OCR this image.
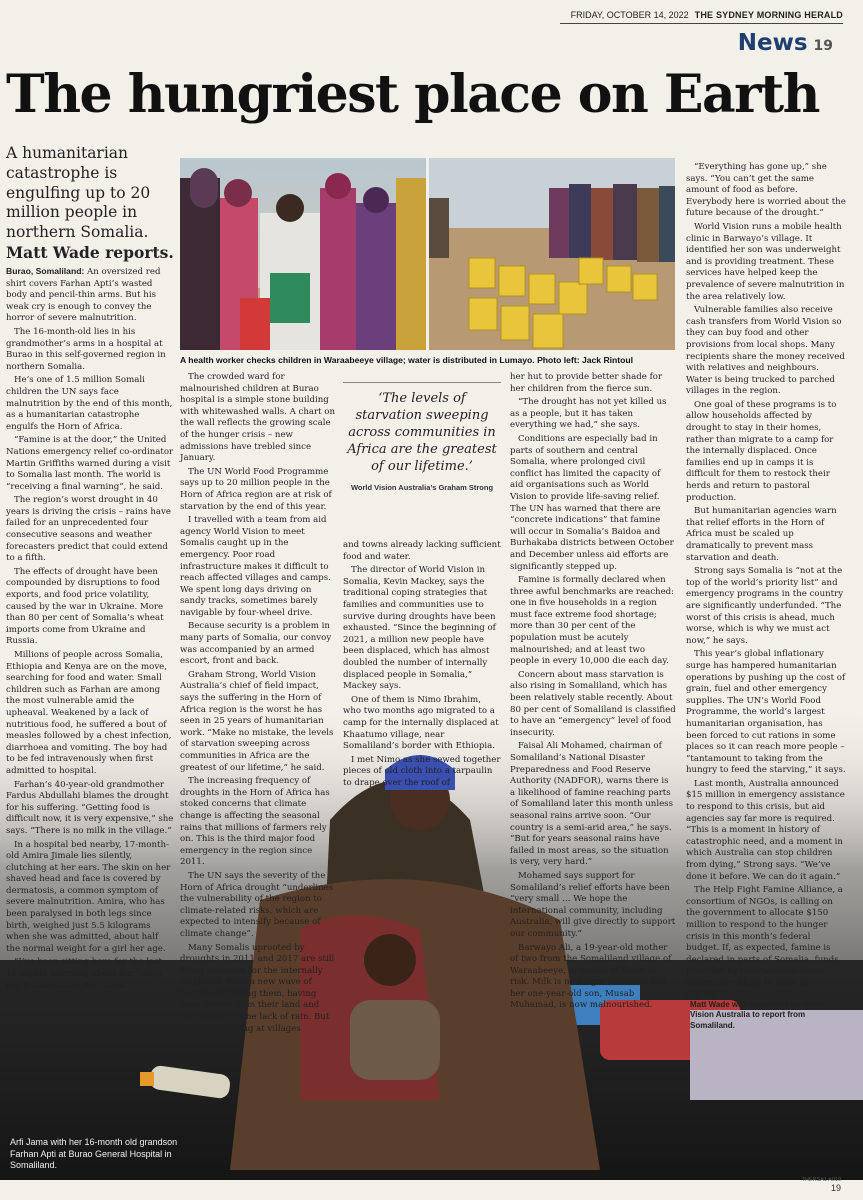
FRIDAY, OCTOBER 14, 2022 THE SYDNEY MORNING HERALD
News 19
The hungriest place on Earth
A humanitarian catastrophe is engulfing up to 20 million people in northern Somalia.
Matt Wade reports.
A health worker checks children in Waraabeeye village; water is distributed in Lumayo. Photo left: Jack Rintoul
Arfi Jama with her 16-month old grandson Farhan Apti at Burao General Hospital in Somaliland.

Burao, Somaliland: An oversized red shirt covers Farhan Apti’s wasted body and pencil-thin arms. But his weak cry is enough to convey the horror of severe malnutrition.

The 16-month-old lies in his grandmother’s arms in a hospital at Burao in this self-governed region in northern Somalia.

He’s one of 1.5 million Somali children the UN says face malnutrition by the end of this month, as a humanitarian catastrophe engulfs the Horn of Africa.

“Famine is at the door,” the United Nations emergency relief co-ordinator Martin Griffiths warned during a visit to Somalia last month. The world is “receiving a final warning”, he said.

The region’s worst drought in 40 years is driving the crisis – rains have failed for an unprecedented four consecutive seasons and weather forecasters predict that could extend to a fifth.

The effects of drought have been compounded by disruptions to food exports, and food price volatility, caused by the war in Ukraine. More than 80 per cent of Somalia’s wheat imports come from Ukraine and Russia.

Millions of people across Somalia, Ethiopia and Kenya are on the move, searching for food and water. Small children such as Farhan are among the most vulnerable amid the upheaval. Weakened by a lack of nutritious food, he suffered a bout of measles followed by a chest infection, diarrhoea and vomiting. The boy had to be fed intravenously when first admitted to hospital.

Farhan’s 40-year-old grandmother Fardus Abdullahi blames the drought for his suffering. “Getting food is difficult now, it is very expensive,” she says. “There is no milk in the village.”

In a hospital bed nearby, 17-month-old Amira Jimale lies silently, clutching at her ears. The skin on her shaved head and face is covered by dermatosis, a common symptom of severe malnutrition. Amira, who has been paralysed in both legs since birth, weighed just 5.5 kilograms when she was admitted, about half the normal weight for a girl her age.

“I’ve been sitting here for the last 14 nights worrying about her,” says her grandmother Arfi Jama.

The crowded ward for malnourished children at Burao hospital is a simple stone building with whitewashed walls. A chart on the wall reflects the growing scale of the hunger crisis – new admissions have trebled since January.

The UN World Food Programme says up to 20 million people in the Horn of Africa region are at risk of starvation by the end of this year.

I travelled with a team from aid agency World Vision to meet Somalis caught up in the emergency. Poor road infrastructure makes it difficult to reach affected villages and camps. We spent long days driving on sandy tracks, sometimes barely navigable by four-wheel drive.

Because security is a problem in many parts of Somalia, our convoy was accompanied by an armed escort, front and back.

Graham Strong, World Vision Australia’s chief of field impact, says the suffering in the Horn of Africa region is the worst he has seen in 25 years of humanitarian work. “Make no mistake, the levels of starvation sweeping across communities in Africa are the greatest of our lifetime,” he said.

The increasing frequency of droughts in the Horn of Africa has stoked concerns that climate change is affecting the seasonal rains that millions of farmers rely on. This is the third major food emergency in the region since 2011.

The UN says the severity of the Horn of Africa drought “underlines the vulnerability of the region to climate-related risks, which are expected to intensify because of climate change”.

Many Somalis uprooted by droughts in 2011 and 2017 are still living in camps for the internally displaced. Now a new wave of families is joining them, having been driven from their land and livelihoods by the lack of rain. But they are arriving at villages

‘The levels of starvation sweeping across communities in Africa are the greatest of our lifetime.’
World Vision Australia’s Graham Strong

and towns already lacking sufficient food and water.

The director of World Vision in Somalia, Kevin Mackey, says the traditional coping strategies that families and communities use to survive during droughts have been exhausted. “Since the beginning of 2021, a million new people have been displaced, which has almost doubled the number of internally displaced people in Somalia,” Mackey says.

One of them is Nimo Ibrahim, who two months ago migrated to a camp for the internally displaced at Khaatumo village, near Somaliland’s border with Ethiopia.

I met Nimo as she sewed together pieces of old cloth into a tarpaulin to drape over the roof of

her hut to provide better shade for her children from the fierce sun.

“The drought has not yet killed us as a people, but it has taken everything we had,” she says.

Conditions are especially bad in parts of southern and central Somalia, where prolonged civil conflict has limited the capacity of aid organisations such as World Vision to provide life-saving relief. The UN has warned that there are “concrete indications” that famine will occur in Somalia’s Baidoa and Burhakaba districts between October and December unless aid efforts are significantly stepped up.

Famine is formally declared when three awful benchmarks are reached: one in five households in a region must face extreme food shortage; more than 30 per cent of the population must be acutely malnourished; and at least two people in every 10,000 die each day.

Concern about mass starvation is also rising in Somaliland, which has been relatively stable recently. About 80 per cent of Somaliland is classified to have an “emergency” level of food insecurity.

Faisal Ali Mohamed, chairman of Somaliland’s National Disaster Preparedness and Food Reserve Authority (NADFOR), warns there is a likelihood of famine reaching parts of Somaliland later this month unless seasonal rains arrive soon. “Our country is a semi-arid area,” he says. “But for years seasonal rains have failed in most areas, so the situation is very, very hard.”

Mohamed says support for Somaliland’s relief efforts have been “very small … We hope the international community, including Australia, will give directly to support our community.”

Barwayo Ali, a 19-year-old mother of two from the Somaliland village of Waraabeeye, is typical of those at risk. Milk is no longer available and her one-year-old son, Musab Muhamad, is now malnourished.

“Everything has gone up,” she says. “You can’t get the same amount of food as before. Everybody here is worried about the future because of the drought.”

World Vision runs a mobile health clinic in Barwayo’s village. It identified her son was underweight and is providing treatment. These services have helped keep the prevalence of severe malnutrition in the area relatively low.

Vulnerable families also receive cash transfers from World Vision so they can buy food and other provisions from local shops. Many recipients share the money received with relatives and neighbours. Water is being trucked to parched villages in the region.

One goal of these programs is to allow households affected by drought to stay in their homes, rather than migrate to a camp for the internally displaced. Once families end up in camps it is difficult for them to restock their herds and return to pastoral production.

But humanitarian agencies warn that relief efforts in the Horn of Africa must be scaled up dramatically to prevent mass starvation and death.

Strong says Somalia is “not at the top of the world’s priority list” and emergency programs in the country are significantly underfunded. “The worst of this crisis is ahead, much worse, which is why we must act now,” he says.

This year’s global inflationary surge has hampered humanitarian operations by pushing up the cost of grain, fuel and other emergency supplies. The UN’s World Food Programme, the world’s largest humanitarian organisation, has been forced to cut rations in some places so it can reach more people – “tantamount to taking from the hungry to feed the starving,” it says.

Last month, Australia announced $15 million in emergency assistance to respond to this crisis, but aid agencies say far more is required. “This is a moment in history of catastrophic need, and a moment in which Australia can stop children from dying,” Strong says. “We’ve done it before. We can do it again.”

The Help Fight Famine Alliance, a consortium of NGOs, is calling on the government to allocate $150 million to respond to the hunger crisis in this month’s federal budget. If, as expected, famine is declared in parts of Somalia, funds provided by international donor nations are likely to scale up rapidly.

Matt Wade was supported by World Vision Australia to report from Somaliland.
THERSA1 A019
19
